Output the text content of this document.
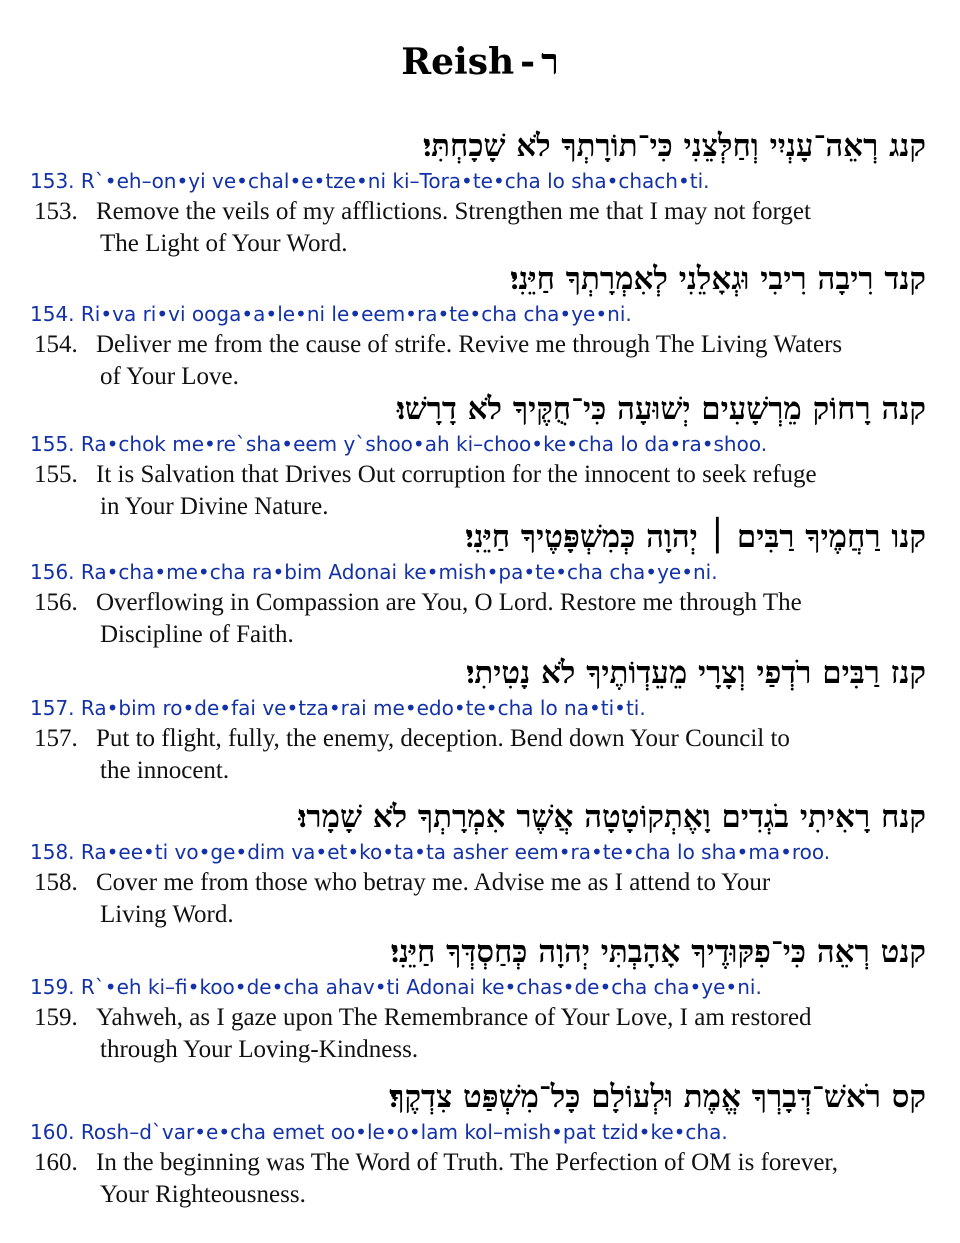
Reish - ר
קנג רְאֵה־עָנְיִי וְחַלְּצֵנִי כִּי־תוֹרָתְךָ לֹא שָׁכָחְתִּי׃
153. R`•eh–on•yi ve•chal•e•tze•ni ki–Tora•te•cha lo sha•chach•ti.
153. Remove the veils of my afflictions. Strengthen me that I may not forget
The Light of Your Word.
קנד רִיבָה רִיבִי וּגְאָלֵנִי לְאִמְרָתְךָ חַיֵּנִי׃
154. Ri•va ri•vi ooga•a•le•ni le•eem•ra•te•cha cha•ye•ni.
154. Deliver me from the cause of strife. Revive me through The Living Waters
of Your Love.
קנה רָחוֹק מֵרְשָׁעִים יְשׁוּעָה כִּי־חֻקֶּיךָ לֹא דָרָשׁוּ׃
155. Ra•chok me•re`sha•eem y`shoo•ah ki–choo•ke•cha lo da•ra•shoo.
155. It is Salvation that Drives Out corruption for the innocent to seek refuge
in Your Divine Nature.
קנו רַחֲמֶיךָ רַבִּים ׀ יְהוָה כְּמִשְׁפָּטֶיךָ חַיֵּנִי׃
156. Ra•cha•me•cha ra•bim Adonai ke•mish•pa•te•cha cha•ye•ni.
156. Overflowing in Compassion are You, O Lord. Restore me through The
Discipline of Faith.
קנז רַבִּים רֹדְפַי וְצָרָי מֵעֵדְוֹתֶיךָ לֹא נָטִיתִי׃
157. Ra•bim ro•de•fai ve•tza•rai me•edo•te•cha lo na•ti•ti.
157. Put to flight, fully, the enemy, deception. Bend down Your Council to
the innocent.
קנח רָאִיתִי בֹגְדִים וָאֶתְקוֹטָטָה אֲשֶׁר אִמְרָתְךָ לֹא שָׁמָרוּ׃
158. Ra•ee•ti vo•ge•dim va•et•ko•ta•ta asher eem•ra•te•cha lo sha•ma•roo.
158. Cover me from those who betray me. Advise me as I attend to Your
Living Word.
קנט רְאֵה כִּי־פִקּוּדֶיךָ אָהָבְתִּי יְהוָה כְּחַסְדְּךָ חַיֵּנִי׃
159. R`•eh ki–fi•koo•de•cha ahav•ti Adonai ke•chas•de•cha cha•ye•ni.
159. Yahweh, as I gaze upon The Remembrance of Your Love, I am restored
through Your Loving-Kindness.
קס רֹאשׁ־דְּבָרְךָ אֱמֶת וּלְעוֹלָם כָּל־מִשְׁפַּט צִדְקֶךָ׃
160. Rosh–d`var•e•cha emet oo•le•o•lam kol–mish•pat tzid•ke•cha.
160. In the beginning was The Word of Truth. The Perfection of OM is forever,
Your Righteousness.
